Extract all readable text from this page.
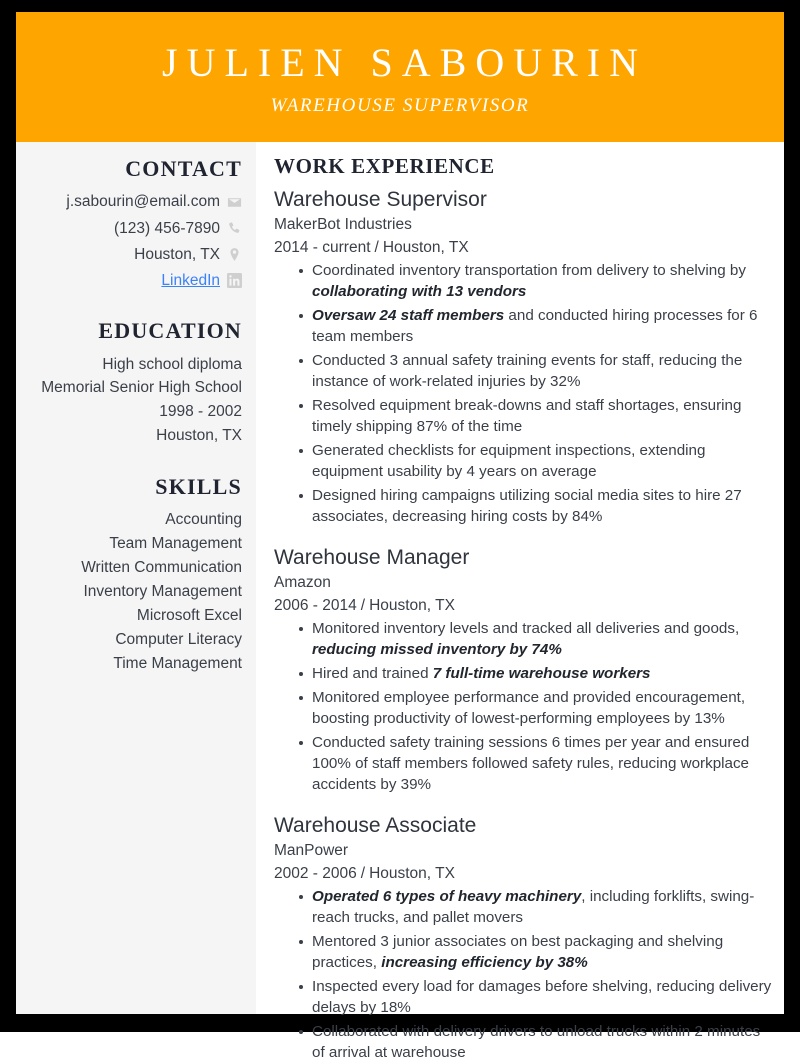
JULIEN SABOURIN
WAREHOUSE SUPERVISOR
CONTACT
j.sabourin@email.com
(123) 456-7890
Houston, TX
LinkedIn
EDUCATION
High school diploma
Memorial Senior High School
1998 - 2002
Houston, TX
SKILLS
Accounting
Team Management
Written Communication
Inventory Management
Microsoft Excel
Computer Literacy
Time Management
WORK EXPERIENCE
Warehouse Supervisor
MakerBot Industries
2014 - current / Houston, TX
Coordinated inventory transportation from delivery to shelving by collaborating with 13 vendors
Oversaw 24 staff members and conducted hiring processes for 6 team members
Conducted 3 annual safety training events for staff, reducing the instance of work-related injuries by 32%
Resolved equipment break-downs and staff shortages, ensuring timely shipping 87% of the time
Generated checklists for equipment inspections, extending equipment usability by 4 years on average
Designed hiring campaigns utilizing social media sites to hire 27 associates, decreasing hiring costs by 84%
Warehouse Manager
Amazon
2006 - 2014 / Houston, TX
Monitored inventory levels and tracked all deliveries and goods, reducing missed inventory by 74%
Hired and trained 7 full-time warehouse workers
Monitored employee performance and provided encouragement, boosting productivity of lowest-performing employees by 13%
Conducted safety training sessions 6 times per year and ensured 100% of staff members followed safety rules, reducing workplace accidents by 39%
Warehouse Associate
ManPower
2002 - 2006 / Houston, TX
Operated 6 types of heavy machinery, including forklifts, swing-reach trucks, and pallet movers
Mentored 3 junior associates on best packaging and shelving practices, increasing efficiency by 38%
Inspected every load for damages before shelving, reducing delivery delays by 18%
Collaborated with delivery drivers to unload trucks within 2 minutes of arrival at warehouse
